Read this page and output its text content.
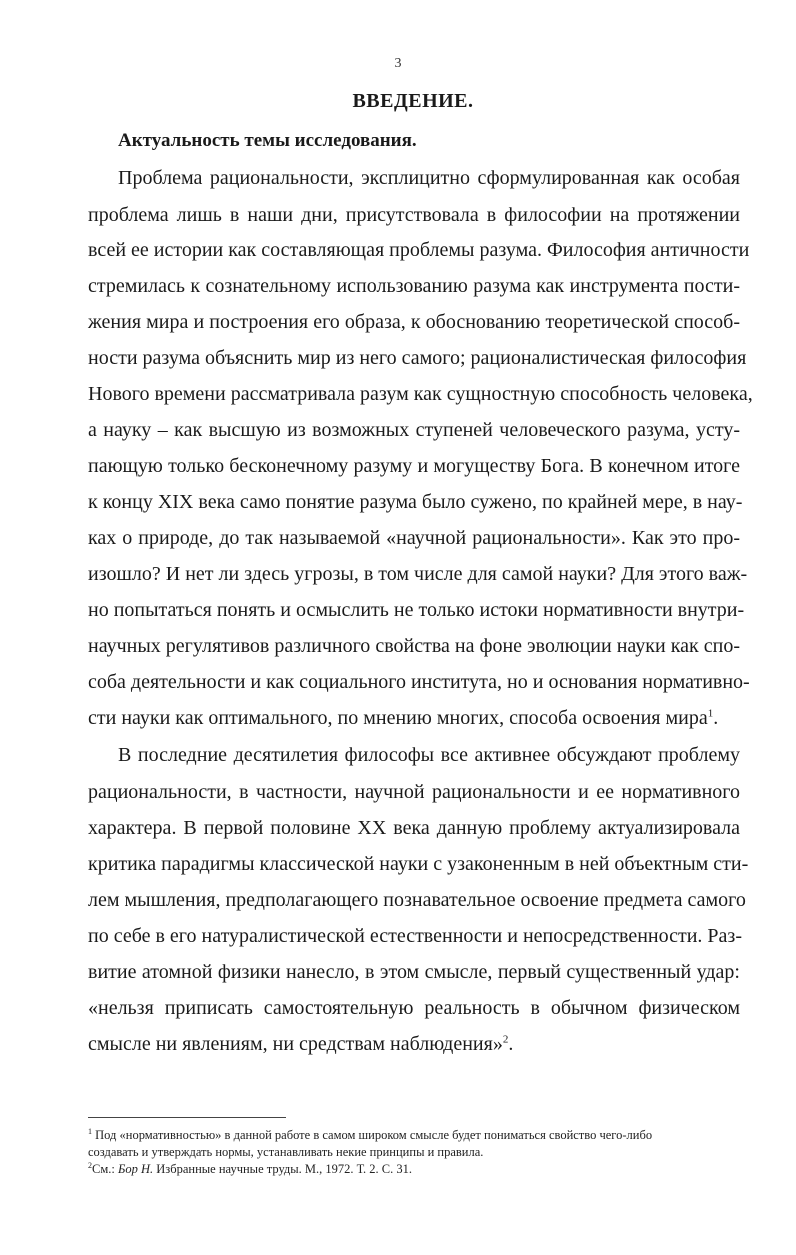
3
ВВЕДЕНИЕ.
Актуальность темы исследования.
Проблема рациональности, эксплицитно сформулированная как особая
проблема лишь в наши дни, присутствовала в философии на протяжении
всей ее истории как составляющая проблемы разума. Философия античности
стремилась к сознательному использованию разума как инструмента пости-
жения мира и построения его образа, к обоснованию теоретической способ-
ности разума объяснить мир из него самого; рационалистическая философия
Нового времени рассматривала разум как сущностную способность человека,
а науку – как высшую из возможных ступеней человеческого разума, усту-
пающую только бесконечному разуму и могуществу Бога. В конечном итоге
к концу XIX века само понятие разума было сужено, по крайней мере, в нау-
ках о природе, до так называемой «научной рациональности». Как это про-
изошло? И нет ли здесь угрозы, в том числе для самой науки? Для этого важ-
но попытаться понять и осмыслить не только истоки нормативности внутри-
научных регулятивов различного свойства на фоне эволюции науки как спо-
соба деятельности и как социального института, но и основания нормативно-
сти науки как оптимального, по мнению многих, способа освоения мира$^1$.
В последние десятилетия философы все активнее обсуждают проблему
рациональности, в частности, научной рациональности и ее нормативного
характера. В первой половине XX века данную проблему актуализировала
критика парадигмы классической науки с узаконенным в ней объектным сти-
лем мышления, предполагающего познавательное освоение предмета самого
по себе в его натуралистической естественности и непосредственности. Раз-
витие атомной физики нанесло, в этом смысле, первый существенный удар:
«нельзя приписать самостоятельную реальность в обычном физическом
смысле ни явлениям, ни средствам наблюдения»$^2$.
$^1$ Под «нормативностью» в данной работе в самом широком смысле будет пониматься свойство чего-либо
создавать и утверждать нормы, устанавливать некие принципы и правила.
$^2$См.: Бор Н. Избранные научные труды. М., 1972. Т. 2. С. 31.
